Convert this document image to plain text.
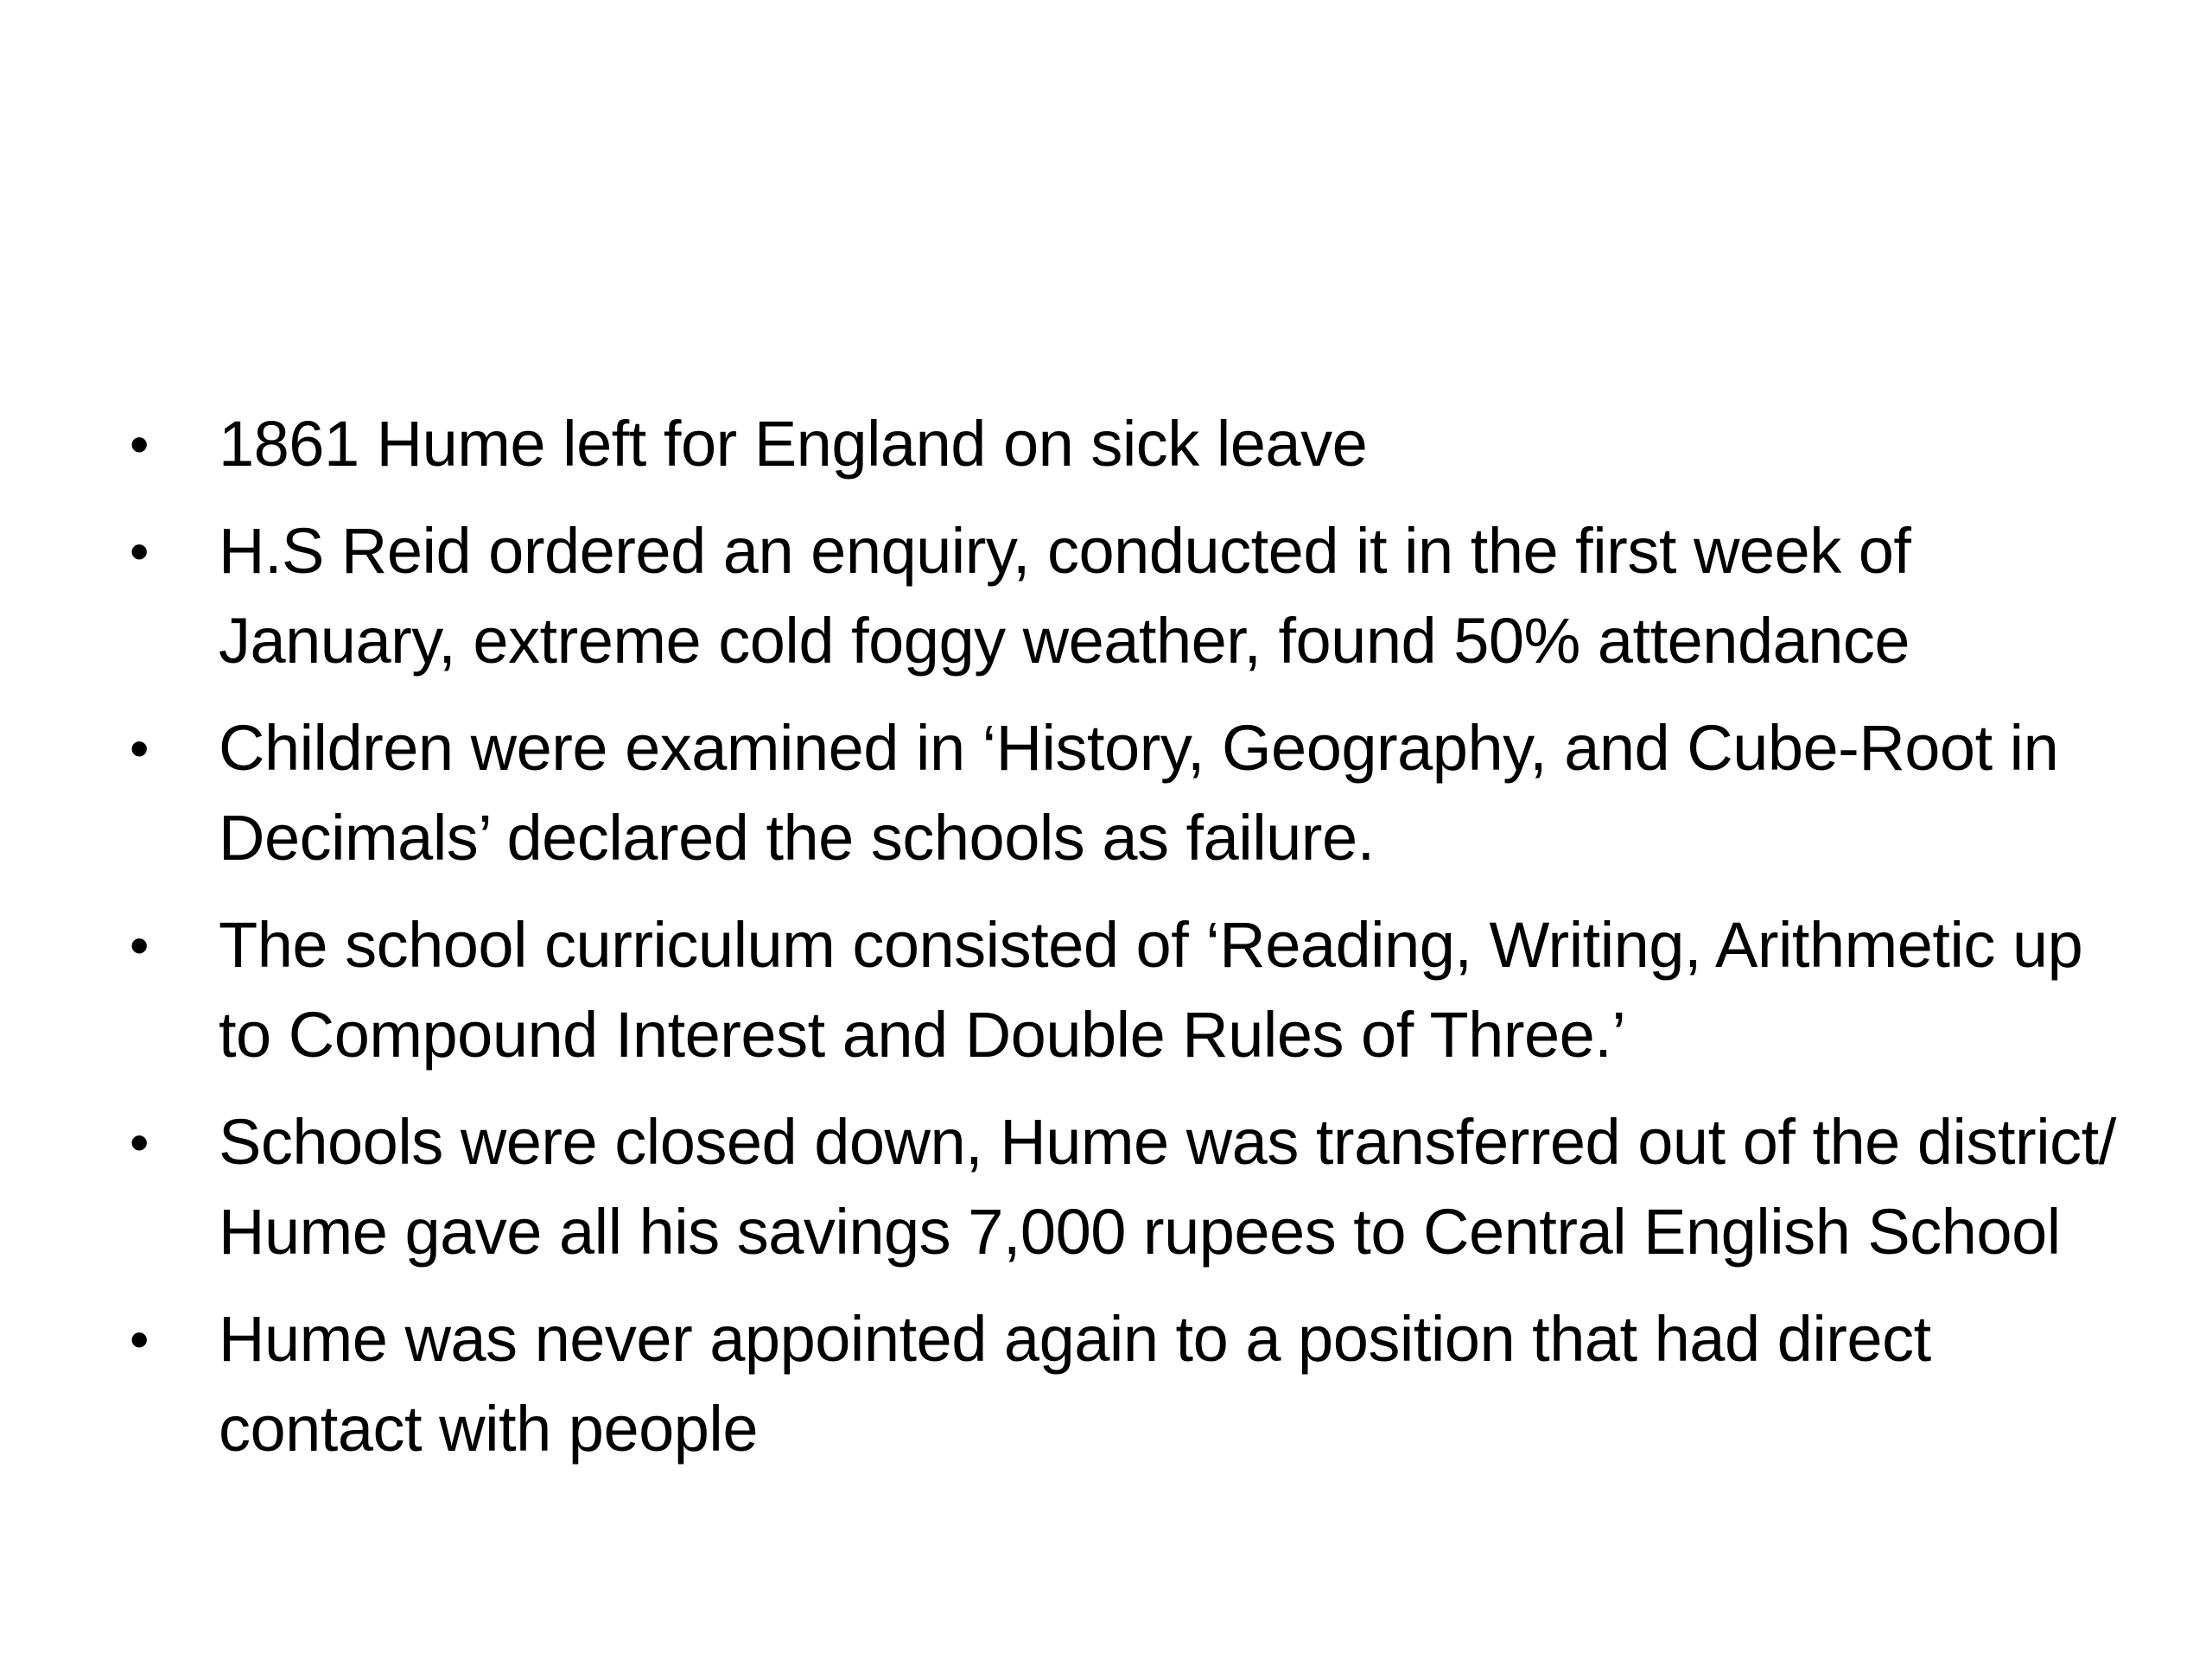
• 1861 Hume left for England on sick leave
• H.S Reid ordered an enquiry, conducted it in the first week of January, extreme cold foggy weather, found 50% attendance
• Children were examined in ‘History, Geography, and Cube-Root in Decimals’ declared the schools as failure.
• The school curriculum consisted of ‘Reading, Writing, Arithmetic up to Compound Interest and Double Rules of Three.’
• Schools were closed down, Hume was transferred out of the district/ Hume gave all his savings 7,000 rupees to Central English School
• Hume was never appointed again to a position that had direct contact with people
